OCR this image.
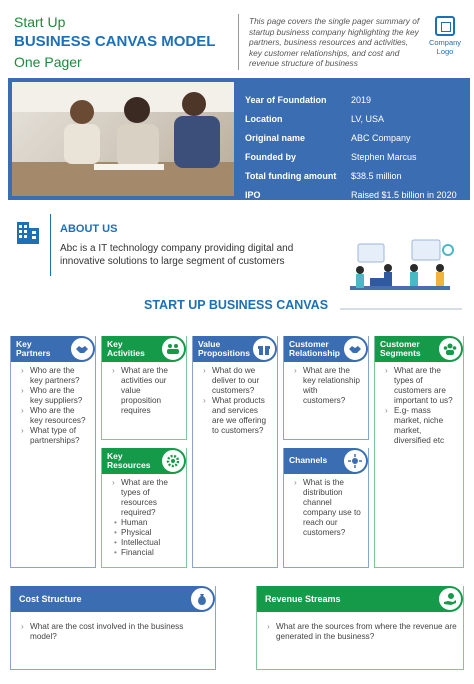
Start Up
BUSINESS CANVAS MODEL
One Pager
This page covers the single pager summary of startup business company highlighting the key partners, business resources and activities, key customer relationships, and cost and revenue structure of business
Company Logo
Year of Foundation	2019
Location	LV, USA
Original name	ABC Company
Founded by	Stephen Marcus
Total funding amount	$38.5 million
IPO	Raised $1.5 billion in 2020
ABOUT US
Abc is a IT technology company providing digital and innovative solutions to large segment of customers
START UP BUSINESS CANVAS
Key Partners
› Who are the key partners?
› Who are the key suppliers?
› Who are the key resources?
› What type of partnerships?
Key Activities
› What are the activities our value proposition requires
Key Resources
› What are the types of resources required?
• Human
• Physical
• Intellectual
• Financial
Value Propositions
› What do we deliver to our customers?
› What products and services are we offering to customers?
Customer Relationship
› What are the key relationship with customers?
Channels
› What is the distribution channel company use to reach our customers?
Customer Segments
› What are the types of customers are important to us?
› E.g- mass market, niche market, diversified etc
Cost Structure
› What are the cost involved in the business model?
Revenue Streams
› What are the sources from where the revenue are generated in the business?
